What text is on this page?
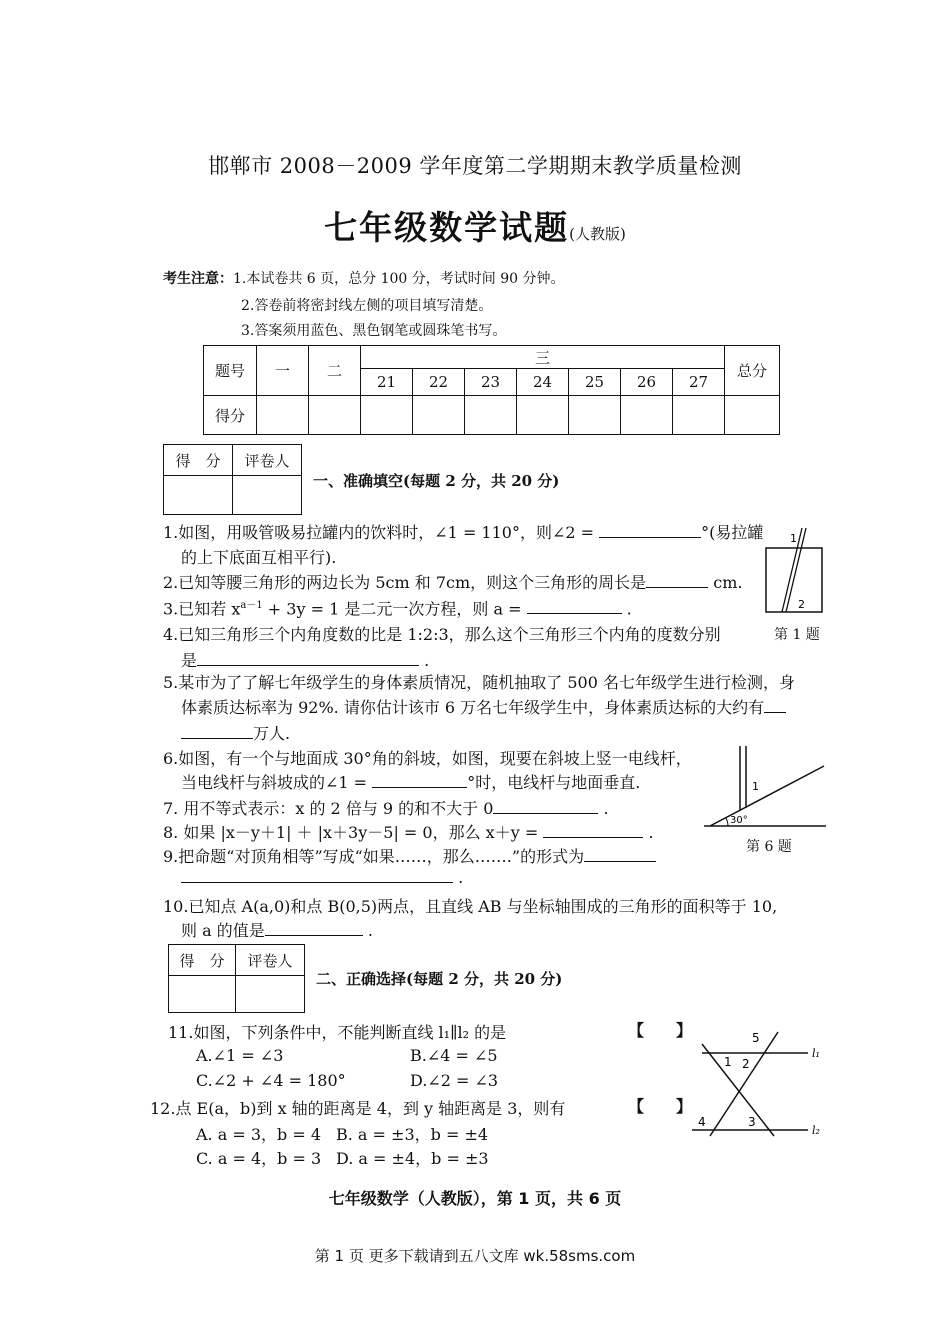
邯郸市 2008－2009 学年度第二学期期末教学质量检测
七年级数学试题(人教版)
考生注意：1.本试卷共 6 页，总分 100 分，考试时间 90 分钟。
2.答卷前将密封线左侧的项目填写清楚。
3.答案须用蓝色、黑色钢笔或圆珠笔书写。
题号	一	二	三							总分
			21	22	23	24	25	26	27	
得分										
得　分	评卷人

一、准确填空(每题 2 分，共 20 分)
1.如图，用吸管吸易拉罐内的饮料时，∠1 = 110°，则∠2 =	°(易拉罐
的上下底面互相平行).
2.已知等腰三角形的两边长为 5cm 和 7cm，则这个三角形的周长是	cm.
3.已知若 $x^{a-1} + 3y = 1$ 是二元一次方程，则 a =	.
4.已知三角形三个内角度数的比是 1:2:3，那么这个三角形三个内角的度数分别
是	.
5.某市为了了解七年级学生的身体素质情况，随机抽取了 500 名七年级学生进行检测，身
体素质达标率为 92%. 请你估计该市 6 万名七年级学生中，身体素质达标的大约有
万人.
6.如图，有一个与地面成 30°角的斜坡，如图，现要在斜坡上竖一电线杆，
当电线杆与斜坡成的∠1 =	°时，电线杆与地面垂直.
7. 用不等式表示：x 的 2 倍与 9 的和不大于 0	.
8. 如果 |x－y＋1| ＋ |x＋3y－5| = 0，那么 x＋y =	.
9.把命题“对顶角相等”写成“如果……，那么…….”的形式为
.
10.已知点 A(a,0)和点 B(0,5)两点，且直线 AB 与坐标轴围成的三角形的面积等于 10,
则 a 的值是	.
1
2
第 1 题
1
30°
第 6 题
得　分	评卷人

二、正确选择(每题 2 分，共 20 分)
11.如图，下列条件中，不能判断直线 l₁∥l₂ 的是	【　　】
A.∠1 = ∠3	B.∠4 = ∠5
C.∠2 + ∠4 = 180°	D.∠2 = ∠3
12.点 E(a，b)到 x 轴的距离是 4，到 y 轴距离是 3，则有	【　　】
A. a = 3，b = 4 B. a = ±3，b = ±4
C. a = 4，b = 3 D. a = ±4，b = ±3
5
1 2
4	3
l₁
l₂
七年级数学（人教版），第 1 页，共 6 页
第 1 页 更多下载请到五八文库 wk.58sms.com
